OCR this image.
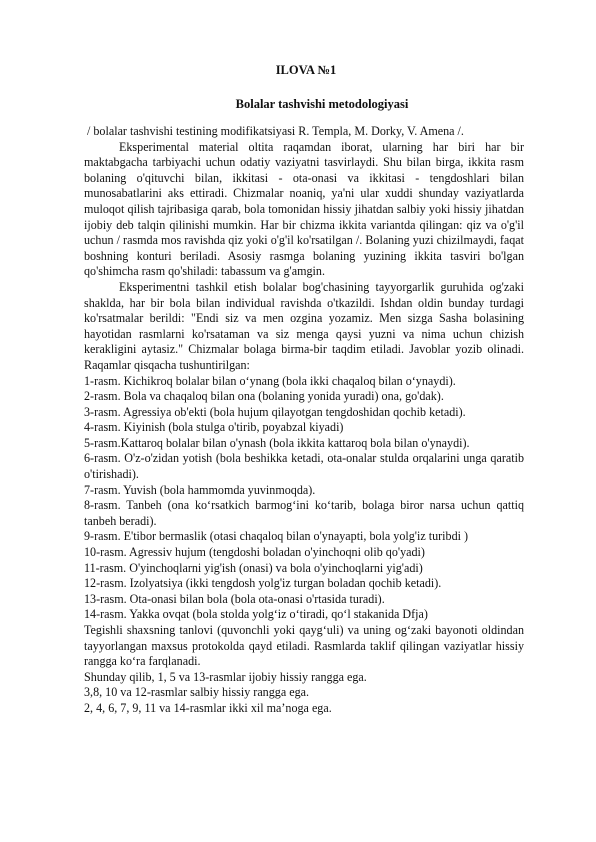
ILOVA №1
Bolalar tashvishi metodologiyasi

/ bolalar tashvishi testining modifikatsiyasi R. Templa, M. Dorky, V. Amena /.

Eksperimental material oltita raqamdan iborat, ularning har biri har bir maktabgacha tarbiyachi uchun odatiy vaziyatni tasvirlaydi. Shu bilan birga, ikkita rasm bolaning o'qituvchi bilan, ikkitasi - ota-onasi va ikkitasi - tengdoshlari bilan munosabatlarini aks ettiradi. Chizmalar noaniq, ya'ni ular xuddi shunday vaziyatlarda muloqot qilish tajribasiga qarab, bola tomonidan hissiy jihatdan salbiy yoki hissiy jihatdan ijobiy deb talqin qilinishi mumkin. Har bir chizma ikkita variantda qilingan: qiz va o'g'il uchun / rasmda mos ravishda qiz yoki o'g'il ko'rsatilgan /. Bolaning yuzi chizilmaydi, faqat boshning konturi beriladi. Asosiy rasmga bolaning yuzining ikkita tasviri bo'lgan qo'shimcha rasm qo'shiladi: tabassum va g'amgin.

Eksperimentni tashkil etish bolalar bog'chasining tayyorgarlik guruhida og'zaki shaklda, har bir bola bilan individual ravishda o'tkazildi. Ishdan oldin bunday turdagi ko'rsatmalar berildi: "Endi siz va men ozgina yozamiz. Men sizga Sasha bolasining hayotidan rasmlarni ko'rsataman va siz menga qaysi yuzni va nima uchun chizish kerakligini aytasiz." Chizmalar bolaga birma-bir taqdim etiladi. Javoblar yozib olinadi. Raqamlar qisqacha tushuntirilgan:

1-rasm. Kichikroq bolalar bilan o‘ynang (bola ikki chaqaloq bilan o‘ynaydi).

2-rasm. Bola va chaqaloq bilan ona (bolaning yonida yuradi) ona, go'dak).

3-rasm. Agressiya ob'ekti (bola hujum qilayotgan tengdoshidan qochib ketadi).

4-rasm. Kiyinish (bola stulga o'tirib, poyabzal kiyadi)

5-rasm.Kattaroq bolalar bilan o'ynash (bola ikkita kattaroq bola bilan o'ynaydi).

6-rasm. O'z-o'zidan yotish (bola beshikka ketadi, ota-onalar stulda orqalarini unga qaratib o'tirishadi).

7-rasm. Yuvish (bola hammomda yuvinmoqda).

8-rasm. Tanbeh (ona ko‘rsatkich barmog‘ini ko‘tarib, bolaga biror narsa uchun qattiq tanbeh beradi).

9-rasm. E'tibor bermaslik (otasi chaqaloq bilan o'ynayapti, bola yolg'iz turibdi )

10-rasm. Agressiv hujum (tengdoshi boladan o'yinchoqni olib qo'yadi)

11-rasm. O'yinchoqlarni yig'ish (onasi) va bola o'yinchoqlarni yig'adi)

12-rasm. Izolyatsiya (ikki tengdosh yolg'iz turgan boladan qochib ketadi).

13-rasm. Ota-onasi bilan bola (bola ota-onasi o'rtasida turadi).

14-rasm. Yakka ovqat (bola stolda yolg‘iz o‘tiradi, qo‘l stakanida Dfja)

Tegishli shaxsning tanlovi (quvonchli yoki qayg‘uli) va uning og‘zaki bayonoti oldindan tayyorlangan maxsus protokolda qayd etiladi. Rasmlarda taklif qilingan vaziyatlar hissiy rangga ko‘ra farqlanadi.

Shunday qilib, 1, 5 va 13-rasmlar ijobiy hissiy rangga ega.

3,8, 10 va 12-rasmlar salbiy hissiy rangga ega.

2, 4, 6, 7, 9, 11 va 14-rasmlar ikki xil ma’noga ega.
